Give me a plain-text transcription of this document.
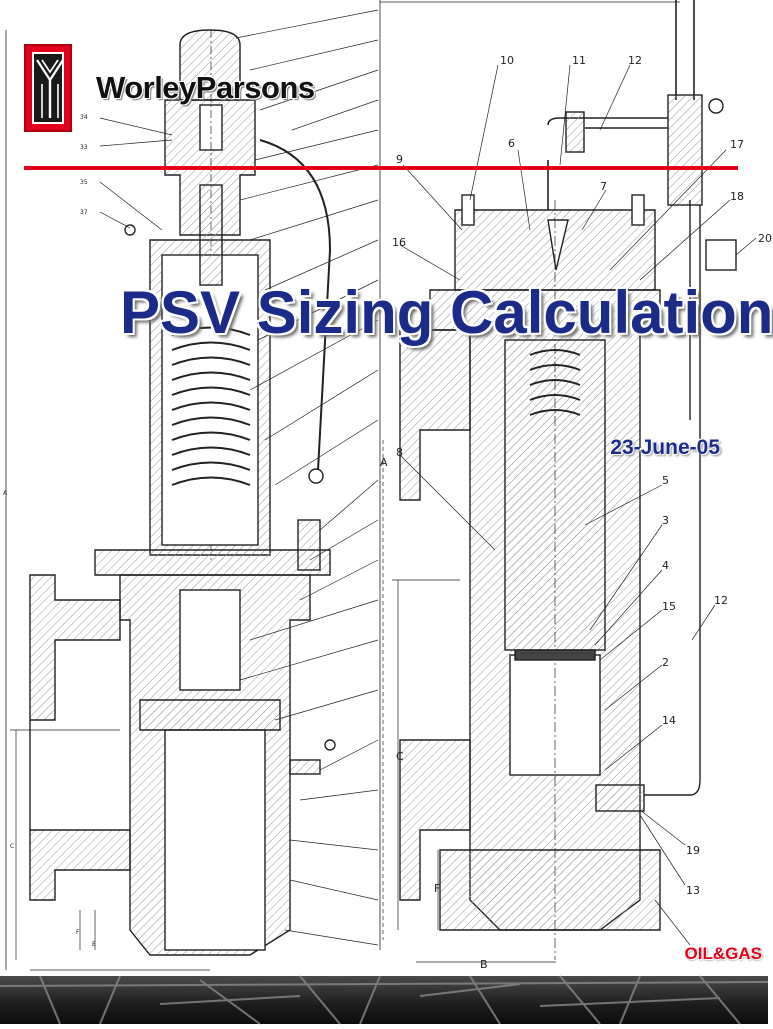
34
33
35
37
A
C
F
E
10	11	12
6
9
7
17
18
16	20
8
5
3
4
15	12
2
14
19
13
A
C
F
B
WorleyParsons
PSV Sizing Calculation
23-June-05
OIL&GAS
